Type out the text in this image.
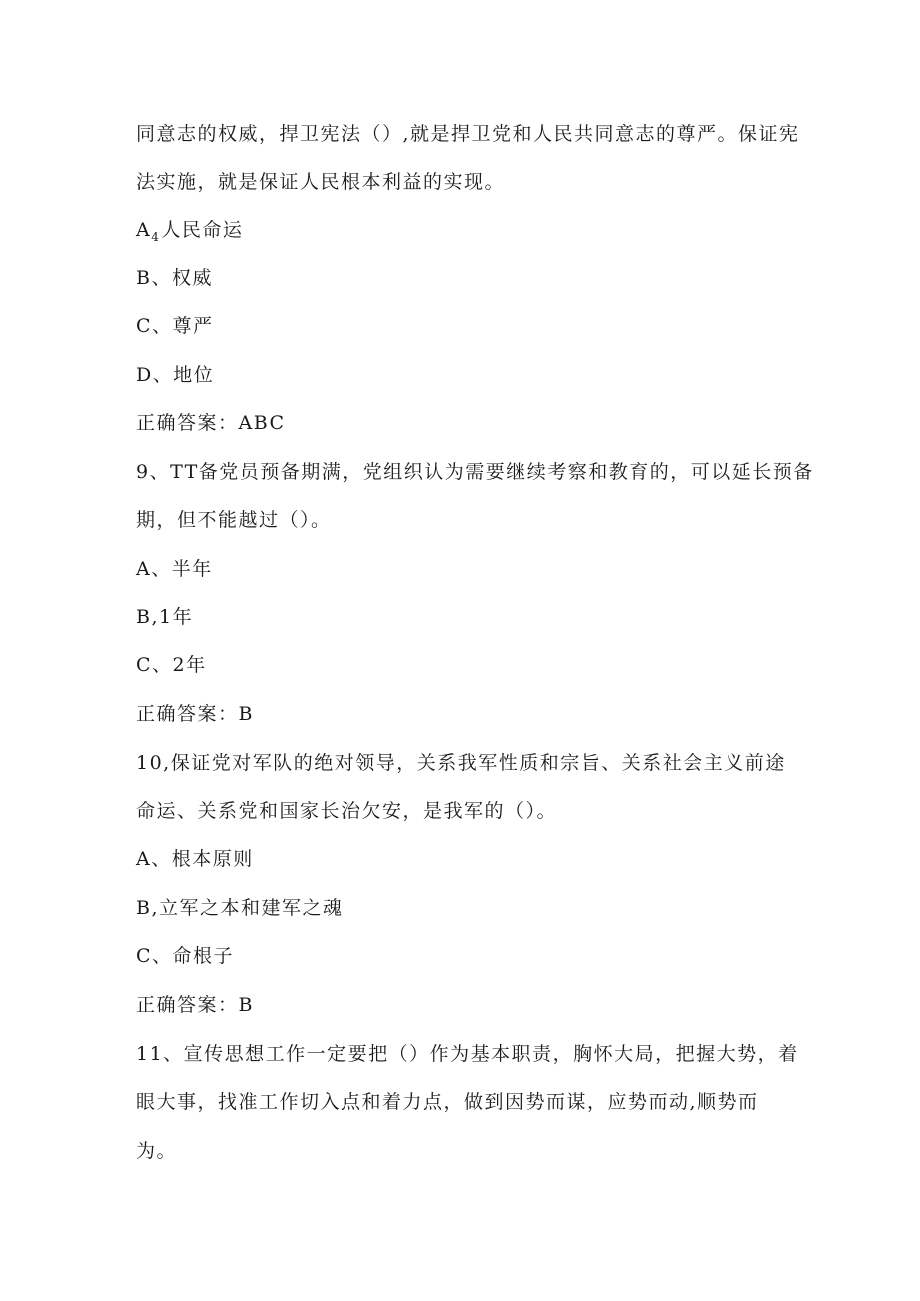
同意志的权威，捍卫宪法（）,就是捍卫党和人民共同意志的尊严。保证宪
法实施，就是保证人民根本利益的实现。
$A_4$人民命运
B、权威
C、尊严
D、地位
正确答案：ABC
9、TT备党员预备期满，党组织认为需要继续考察和教育的，可以延长预备
期，但不能越过（）。
A、半年
B,1年
C、2年
正确答案：B
10,保证党对军队的绝对领导，关系我军性质和宗旨、关系社会主义前途
命运、关系党和国家长治欠安，是我军的（）。
A、根本原则
B,立军之本和建军之魂
C、命根子
正确答案：B
11、宣传思想工作一定要把（）作为基本职责，胸怀大局，把握大势，着
眼大事，找准工作切入点和着力点，做到因势而谋，应势而动,顺势而
为。
